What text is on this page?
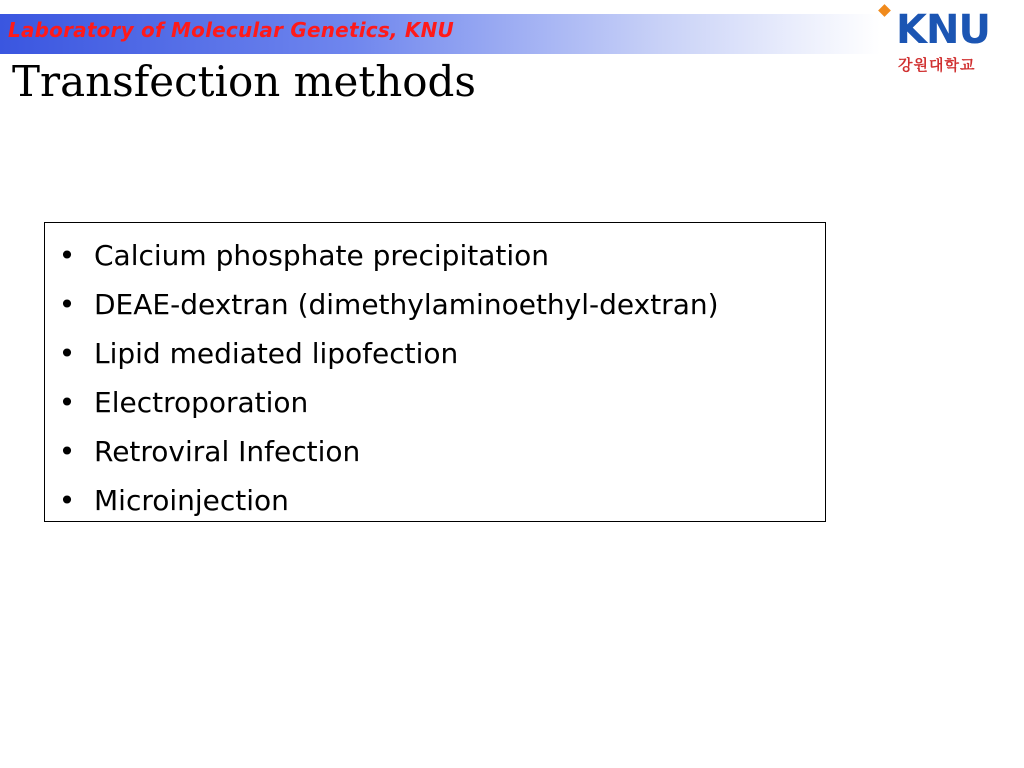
Laboratory of Molecular Genetics, KNU	KNU
강원대학교
Transfection methods
• Calcium phosphate precipitation
• DEAE-dextran (dimethylaminoethyl-dextran)
• Lipid mediated lipofection
• Electroporation
• Retroviral Infection
• Microinjection
